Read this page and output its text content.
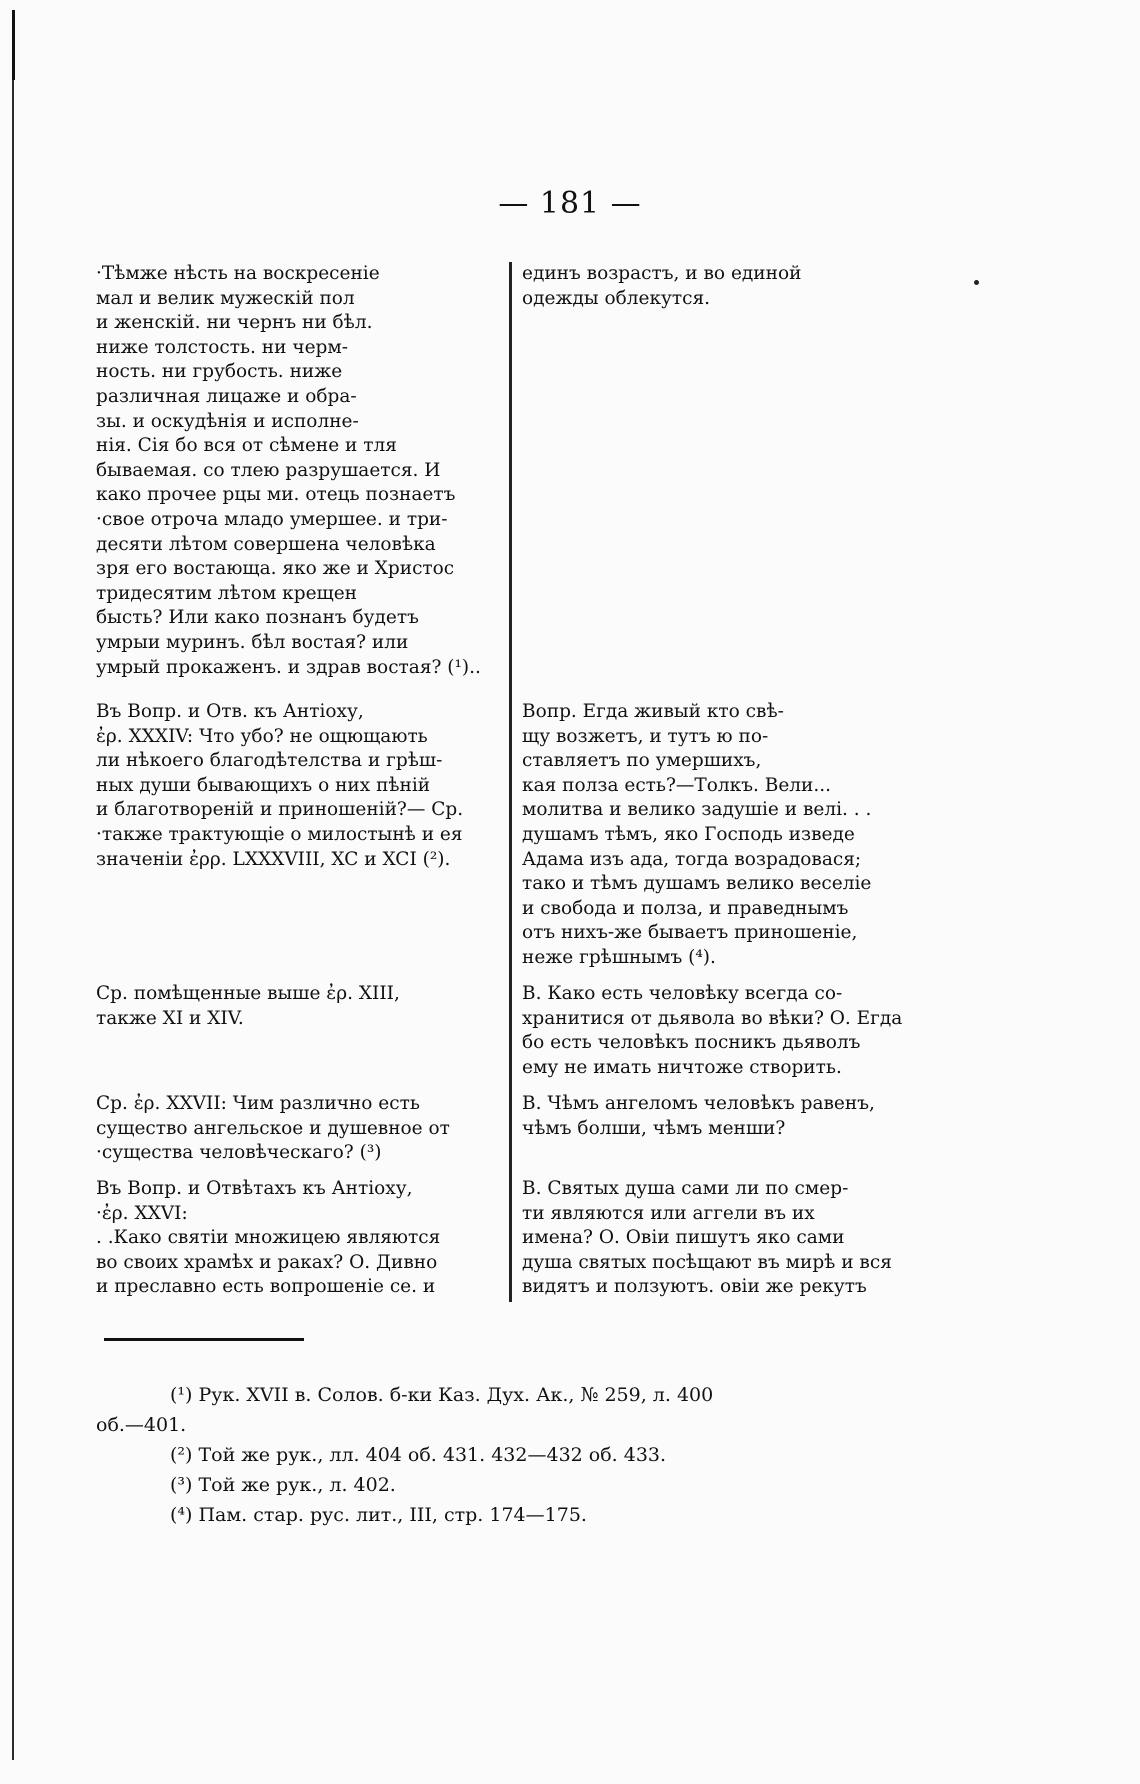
— 181 —
·Тѣмже нѣсть на воскресеніе
мал и велик мужескій пол
и женскій. ни чернъ ни бѣл.
ниже толстость. ни черм-
ность. ни грубость. ниже
различная лицаже и обра-
зы. и оскудѣнія и исполне-
нія. Сія бо вся от сѣмене и тля
бываемая. со тлею разрушается. И
како прочее рцы ми. отець познаетъ
·свое отроча младо умершее. и три-
десяти лѣтом совершена человѣка
зря его востающа. яко же и Христос
тридесятим лѣтом крещен
бысть? Или како познанъ будетъ
умрыи муринъ. бѣл востая? или
умрый прокаженъ. и здрав востая? (¹)..
Въ Вопр. и Отв. къ Антіоху,
ἐρ. XXXIV: Что убо? не ощющають
ли нѣкоего благодѣтелства и грѣш-
ных души бывающихъ о них пѣній
и благотвореній и приношеній?— Ср.
·также трактующіе о милостынѣ и ея
значеніи ἐρρ. LXXXVIII, XC и XCI (²).
Ср. помѣщенные выше ἐρ. XIII,
также XI и XIV.
Ср. ἐρ. XXVII: Чим различно есть
существо ангельское и душевное от
·существа человѣческаго? (³)
Въ Вопр. и Отвѣтахъ къ Антіоху,
·ἐρ. XXVI:
. .Како святіи множицею являются
во своих храмѣх и раках? О. Дивно
и преславно есть вопрошеніе се. и
единъ возрастъ, и во единой
одежды облекутся.
Вопр. Егда живый кто свѣ-
щу возжетъ, и тутъ ю по-
ставляетъ по умершихъ,
кая полза есть?—Толкъ. Вели...
молитва и велико задушіе и велі. . .
душамъ тѣмъ, яко Господь изведе
Адама изъ ада, тогда возрадовася;
тако и тѣмъ душамъ велико веселіе
и свобода и полза, и праведнымъ
отъ нихъ-же бываетъ приношеніе,
неже грѣшнымъ (⁴).
В. Како есть человѣку всегда со-
хранитися от дьявола во вѣки? О. Егда
бо есть человѣкъ посникъ дьяволъ
ему не имать ничтоже створить.
В. Чѣмъ ангеломъ человѣкъ равенъ,
чѣмъ болши, чѣмъ менши?
В. Святых душа сами ли по смер-
ти являются или аггели въ их
имена? О. Овіи пишутъ яко сами
душа святых посѣщают въ мирѣ и вся
видятъ и ползуютъ. овіи же рекутъ
(¹) Рук. XVII в. Солов. б-ки Каз. Дух. Ак., № 259, л. 400
об.—401.
(²) Той же рук., лл. 404 об. 431. 432—432 об. 433.
(³) Той же рук., л. 402.
(⁴) Пам. стар. рус. лит., III, стр. 174—175.
